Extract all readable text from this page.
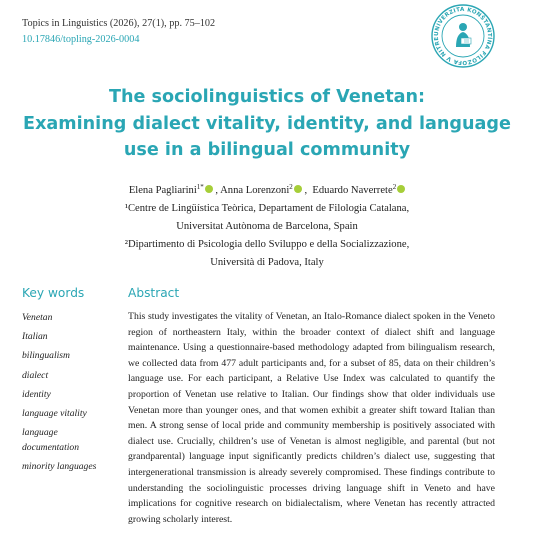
Topics in Linguistics (2026), 27(1), pp. 75–102
10.17846/topling-2026-0004
UNIVERZITA KONŠTANTÍNA FILOZOFA V NITRE
The sociolinguistics of Venetan:
Examining dialect vitality, identity, and language
use in a bilingual community
Elena Pagliarini$^{1*}$ , Anna Lorenzoni$^2$ ,  Eduardo Naverrete$^2$
¹Centre de Lingüística Teòrica, Departament de Filologia Catalana,
Universitat Autònoma de Barcelona, Spain
²Dipartimento di Psicologia dello Sviluppo e della Socializzazione,
Università di Padova, Italy
Key words
Venetan
Italian
bilingualism
dialect
identity
language vitality
language documentation
minority languages
Abstract
This study investigates the vitality of Venetan, an Italo-Romance dialect spoken in the Veneto region of northeastern Italy, within the broader context of dialect shift and language maintenance. Using a questionnaire-based methodology adapted from bilingualism research, we collected data from 477 adult participants and, for a subset of 85, data on their children’s language use. For each participant, a Relative Use Index was calculated to quantify the proportion of Venetan use relative to Italian. Our findings show that older individuals use Venetan more than younger ones, and that women exhibit a greater shift toward Italian than men. A strong sense of local pride and community membership is positively associated with dialect use. Crucially, children’s use of Venetan is almost negligible, and parental (but not grandparental) language input significantly predicts children’s dialect use, suggesting that intergenerational transmission is already severely compromised. These findings contribute to understanding the sociolinguistic processes driving language shift in Veneto and have implications for cognitive research on bidialectalism, where Venetan has recently attracted growing scholarly interest.
